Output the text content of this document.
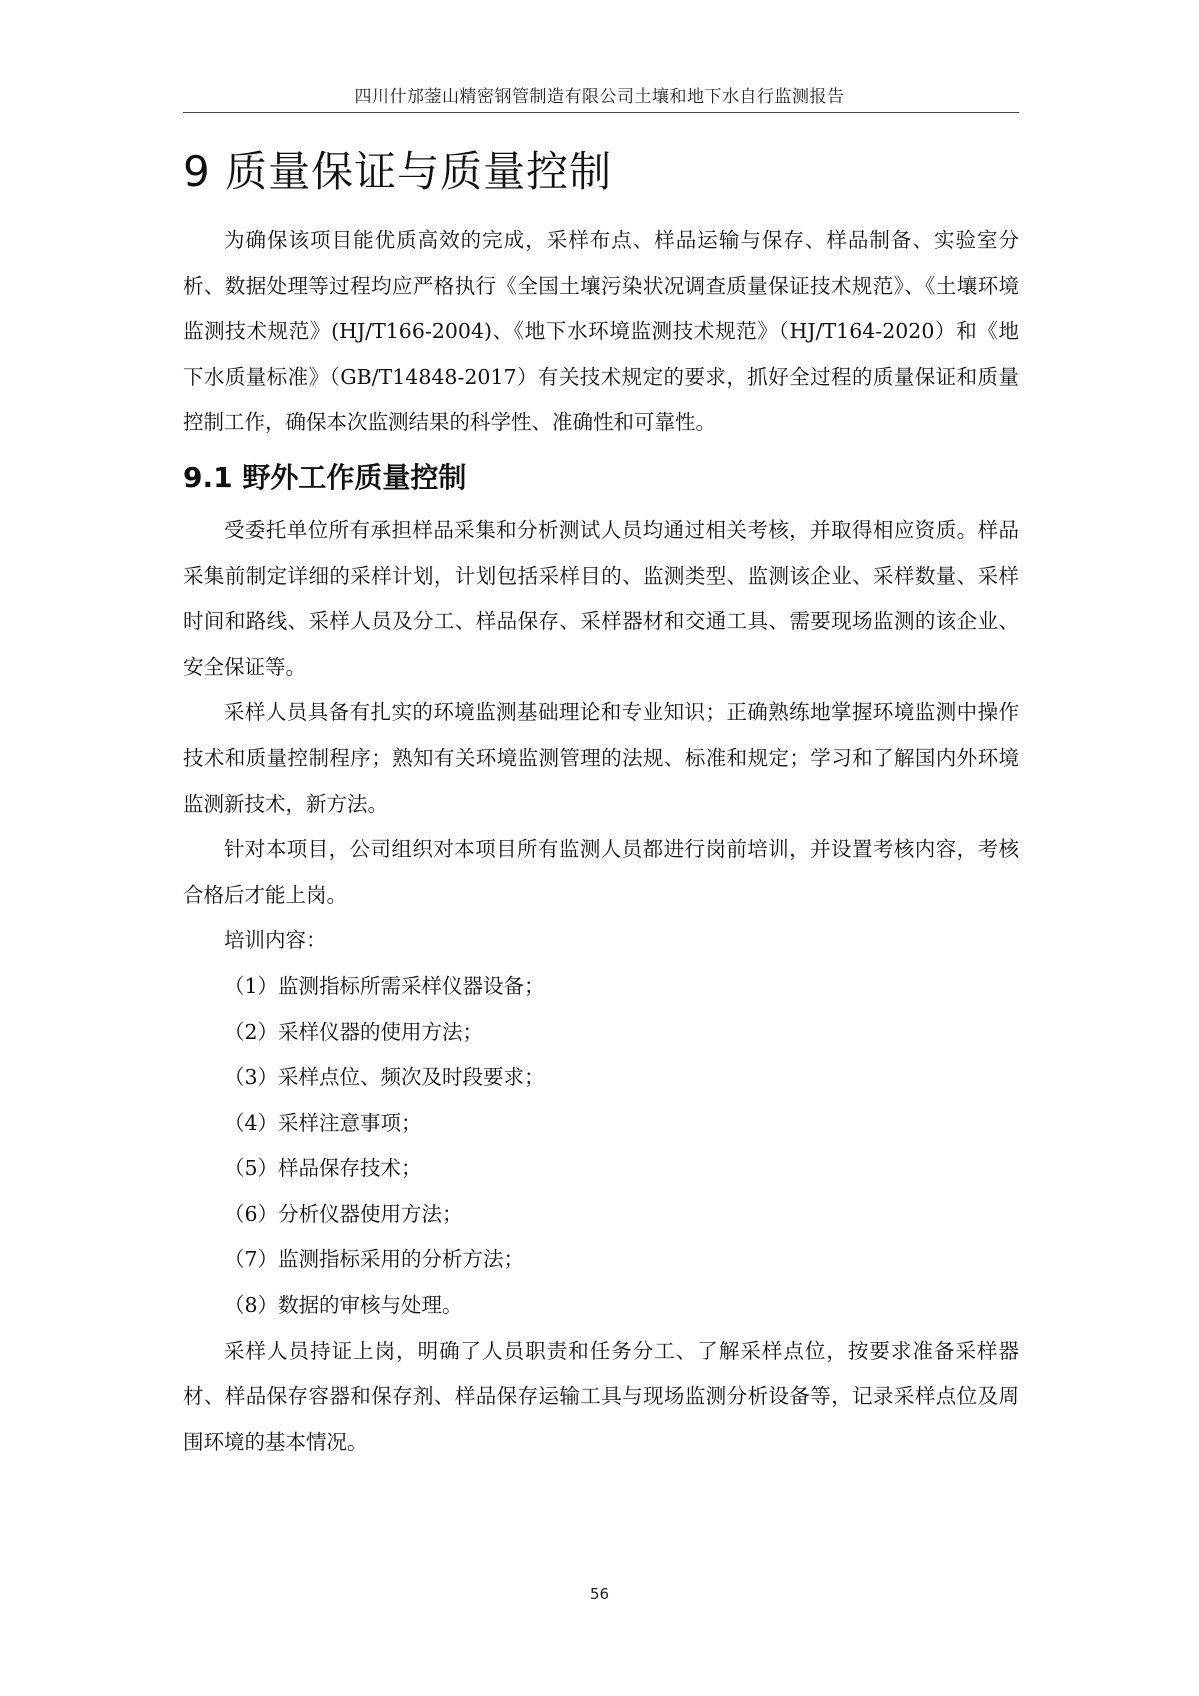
四川什邡蓥山精密钢管制造有限公司土壤和地下水自行监测报告
9 质量保证与质量控制

为确保该项目能优质高效的完成，采样布点、样品运输与保存、样品制备、实验室分析、数据处理等过程均应严格执行《全国土壤污染状况调查质量保证技术规范》、《土壤环境监测技术规范》(HJ/T166-2004)、《地下水环境监测技术规范》（HJ/T164-2020）和《地下水质量标准》（GB/T14848-2017）有关技术规定的要求，抓好全过程的质量保证和质量控制工作，确保本次监测结果的科学性、准确性和可靠性。

9.1 野外工作质量控制

受委托单位所有承担样品采集和分析测试人员均通过相关考核，并取得相应资质。样品采集前制定详细的采样计划，计划包括采样目的、监测类型、监测该企业、采样数量、采样时间和路线、采样人员及分工、样品保存、采样器材和交通工具、需要现场监测的该企业、安全保证等。

采样人员具备有扎实的环境监测基础理论和专业知识；正确熟练地掌握环境监测中操作技术和质量控制程序；熟知有关环境监测管理的法规、标准和规定；学习和了解国内外环境监测新技术，新方法。

针对本项目，公司组织对本项目所有监测人员都进行岗前培训，并设置考核内容，考核合格后才能上岗。

培训内容：

（1）监测指标所需采样仪器设备；

（2）采样仪器的使用方法；

（3）采样点位、频次及时段要求；

（4）采样注意事项；

（5）样品保存技术；

（6）分析仪器使用方法；

（7）监测指标采用的分析方法；

（8）数据的审核与处理。

采样人员持证上岗，明确了人员职责和任务分工、了解采样点位，按要求准备采样器材、样品保存容器和保存剂、样品保存运输工具与现场监测分析设备等，记录采样点位及周围环境的基本情况。

56
